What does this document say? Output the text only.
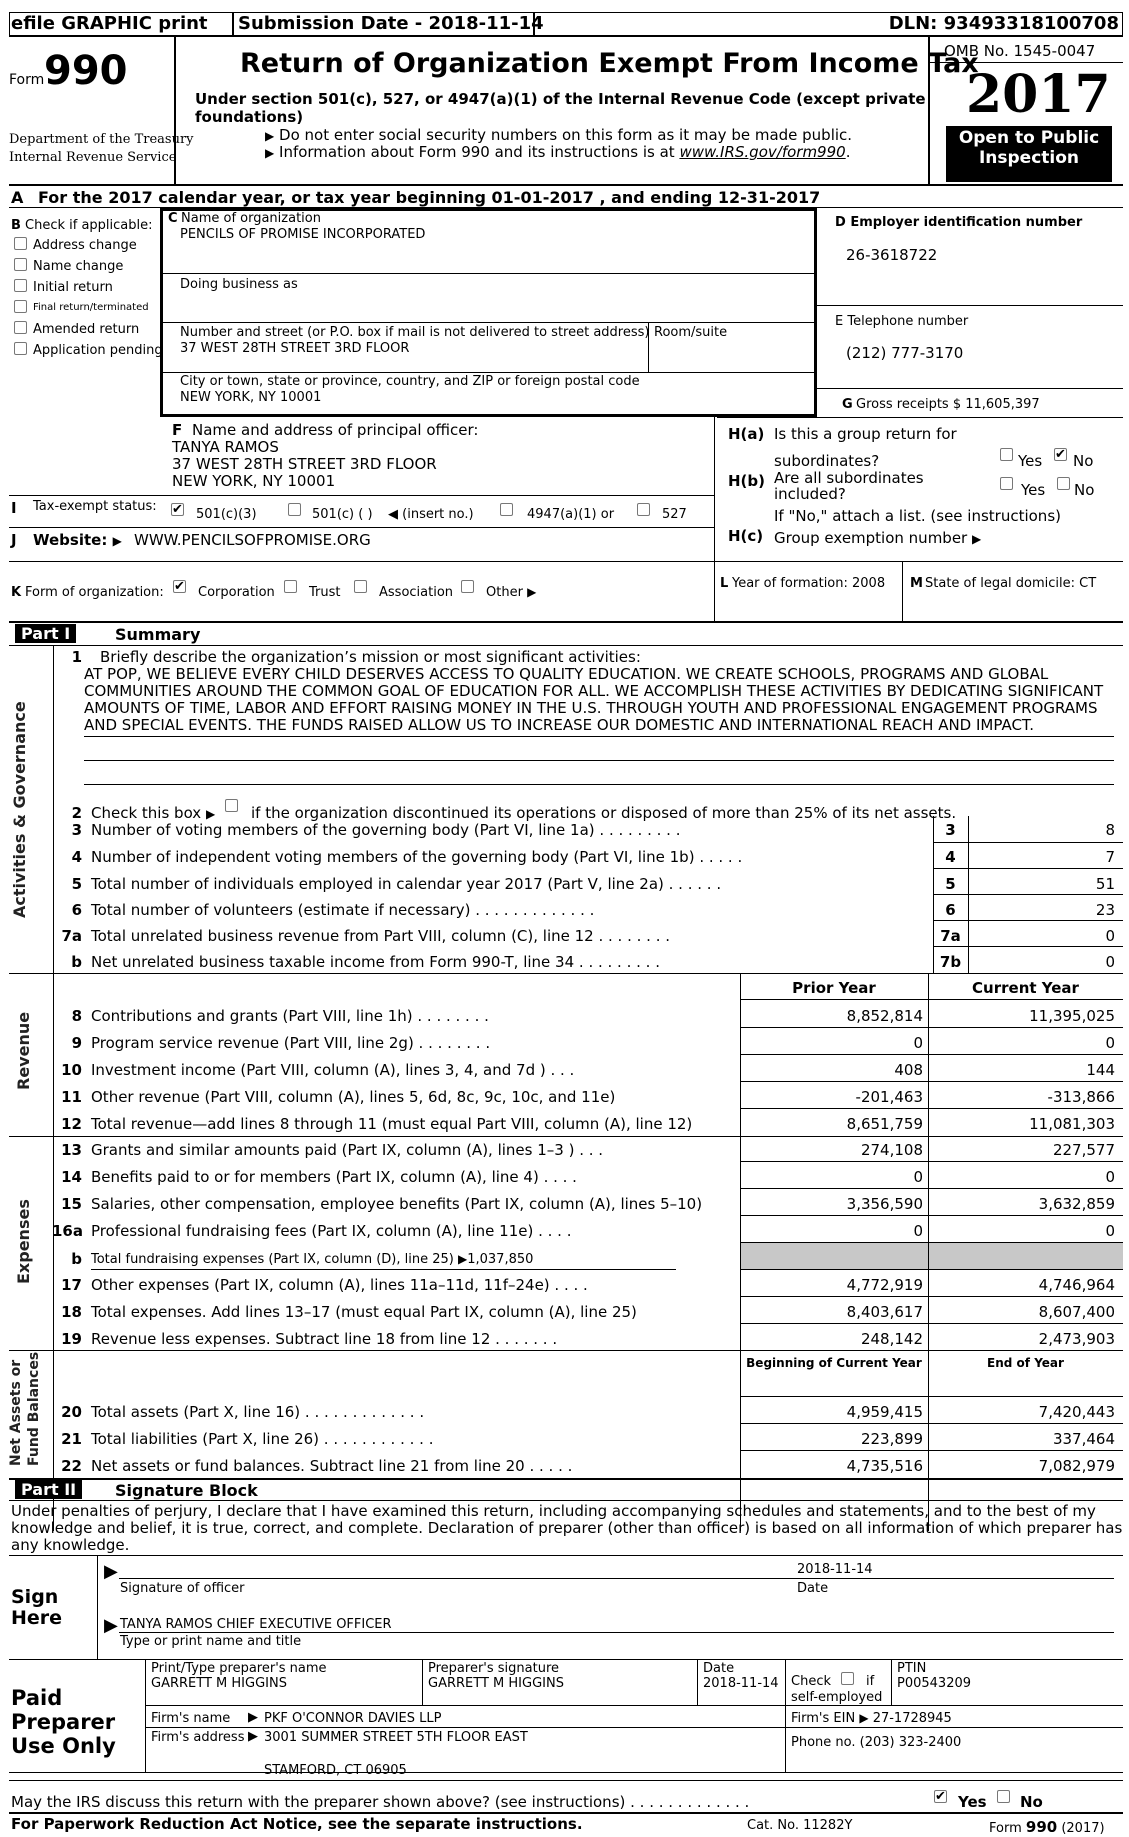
efile GRAPHIC print Submission Date - 2018-11-14	DLN: 93493318100708
Form 990
Department of the Treasury
Internal Revenue Service
Return of Organization Exempt From Income Tax
Under section 501(c), 527, or 4947(a)(1) of the Internal Revenue Code (except private
foundations)
▶ Do not enter social security numbers on this form as it may be made public.
▶ Information about Form 990 and its instructions is at www.IRS.gov/form990.
OMB No. 1545-0047
2017
Open to Public
Inspection
A For the 2017 calendar year, or tax year beginning 01-01-2017 , and ending 12-31-2017
B Check if applicable:
Address change
Name change
Initial return
Final return/terminated
Amended return
Application pending
C Name of organization
PENCILS OF PROMISE INCORPORATED
Doing business as
Number and street (or P.O. box if mail is not delivered to street address) Room/suite
37 WEST 28TH STREET 3RD FLOOR
City or town, state or province, country, and ZIP or foreign postal code
NEW YORK, NY 10001
D Employer identification number
26-3618722
E Telephone number
(212) 777-3170
G Gross receipts $ 11,605,397
F Name and address of principal officer:
TANYA RAMOS
37 WEST 28TH STREET 3RD FLOOR
NEW YORK, NY 10001
H(a) Is this a group return for
subordinates?	Yes ✔ No
H(b) Are all subordinates
included?	Yes No
If "No," attach a list. (see instructions)
H(c) Group exemption number ▶
I Tax-exempt status: ✔ 501(c)(3)	501(c) ( ) ◀ (insert no.)	4947(a)(1) or	527
J Website: ▶ WWW.PENCILSOFPROMISE.ORG
K Form of organization: ✔ Corporation	Trust	Association	Other ▶
L Year of formation: 2008 M State of legal domicile: CT
Part I	Summary
Activities & Governance
Revenue
Expenses
Net Assets or Fund Balances
1 Briefly describe the organization’s mission or most significant activities:
AT POP, WE BELIEVE EVERY CHILD DESERVES ACCESS TO QUALITY EDUCATION. WE CREATE SCHOOLS, PROGRAMS AND GLOBAL
COMMUNITIES AROUND THE COMMON GOAL OF EDUCATION FOR ALL. WE ACCOMPLISH THESE ACTIVITIES BY DEDICATING SIGNIFICANT
AMOUNTS OF TIME, LABOR AND EFFORT RAISING MONEY IN THE U.S. THROUGH YOUTH AND PROFESSIONAL ENGAGEMENT PROGRAMS
AND SPECIAL EVENTS. THE FUNDS RAISED ALLOW US TO INCREASE OUR DOMESTIC AND INTERNATIONAL REACH AND IMPACT.
2 Check this box ▶ if the organization discontinued its operations or disposed of more than 25% of its net assets.
3 Number of voting members of the governing body (Part VI, line 1a) . . . . . . . . .	3	8
4 Number of independent voting members of the governing body (Part VI, line 1b) . . . . .	4	7
5 Total number of individuals employed in calendar year 2017 (Part V, line 2a) . . . . . .	5	51
6 Total number of volunteers (estimate if necessary) . . . . . . . . . . . . .	6	23
7a Total unrelated business revenue from Part VIII, column (C), line 12 . . . . . . . .	7a	0
b Net unrelated business taxable income from Form 990-T, line 34 . . . . . . . . .	7b	0
Prior Year	Current Year
8 Contributions and grants (Part VIII, line 1h) . . . . . . . .	8,852,814	11,395,025
9 Program service revenue (Part VIII, line 2g) . . . . . . . .	0	0
10 Investment income (Part VIII, column (A), lines 3, 4, and 7d ) . . .	408	144
11 Other revenue (Part VIII, column (A), lines 5, 6d, 8c, 9c, 10c, and 11e)	-201,463	-313,866
12 Total revenue—add lines 8 through 11 (must equal Part VIII, column (A), line 12)	8,651,759	11,081,303
13 Grants and similar amounts paid (Part IX, column (A), lines 1–3 ) . . .	274,108	227,577
14 Benefits paid to or for members (Part IX, column (A), line 4) . . . .	0	0
15 Salaries, other compensation, employee benefits (Part IX, column (A), lines 5–10)	3,356,590	3,632,859
16a Professional fundraising fees (Part IX, column (A), line 11e) . . . .	0	0
b Total fundraising expenses (Part IX, column (D), line 25) ▶1,037,850
17 Other expenses (Part IX, column (A), lines 11a–11d, 11f–24e) . . . .	4,772,919	4,746,964
18 Total expenses. Add lines 13–17 (must equal Part IX, column (A), line 25)	8,403,617	8,607,400
19 Revenue less expenses. Subtract line 18 from line 12 . . . . . . .	248,142	2,473,903
Beginning of Current Year	End of Year
20 Total assets (Part X, line 16) . . . . . . . . . . . . .	4,959,415	7,420,443
21 Total liabilities (Part X, line 26) . . . . . . . . . . . .	223,899	337,464
22 Net assets or fund balances. Subtract line 21 from line 20 . . . . .	4,735,516	7,082,979
Part II	Signature Block
Under penalties of perjury, I declare that I have examined this return, including accompanying schedules and statements, and to the best of my
knowledge and belief, it is true, correct, and complete. Declaration of preparer (other than officer) is based on all information of which preparer has
any knowledge.
Sign
Here
▶
▶
2018-11-14
Signature of officer	Date
TANYA RAMOS CHIEF EXECUTIVE OFFICER
Type or print name and title
Paid
Preparer
Use Only
Print/Type preparer's name
GARRETT M HIGGINS
Preparer's signature
GARRETT M HIGGINS
Date
2018-11-14 Check	if
self-employed
PTIN
P00543209
Firm's name ▶ PKF O'CONNOR DAVIES LLP	Firm's EIN ▶ 27-1728945
Firm's address ▶ 3001 SUMMER STREET 5TH FLOOR EAST
STAMFORD, CT 06905
Phone no. (203) 323-2400
May the IRS discuss this return with the preparer shown above? (see instructions) . . . . . . . . . . . . .	✔ Yes No
For Paperwork Reduction Act Notice, see the separate instructions.	Cat. No. 11282Y	Form 990 (2017)
